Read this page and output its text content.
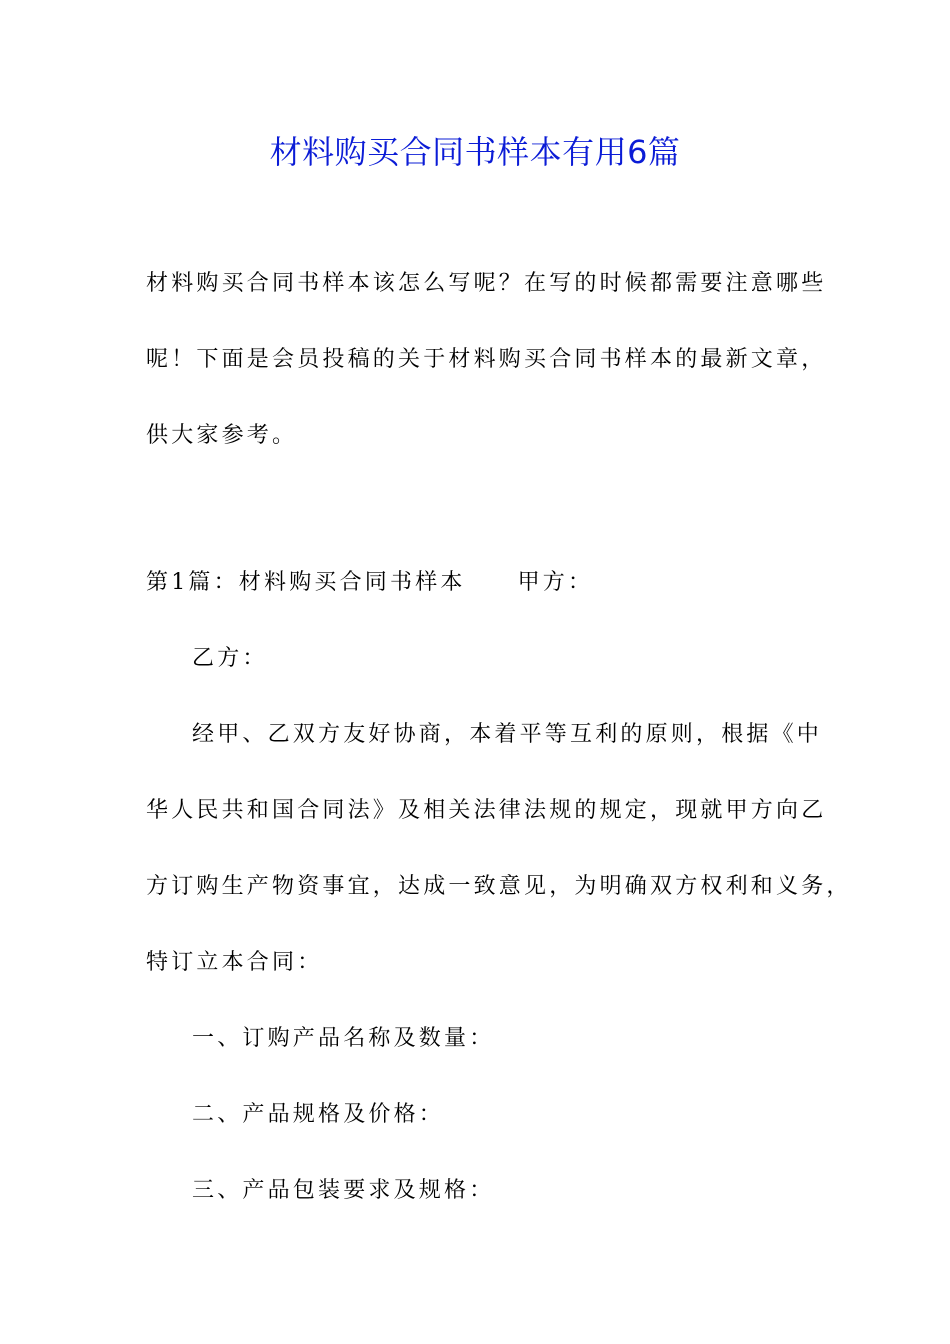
材料购买合同书样本有用6篇
材料购买合同书样本该怎么写呢？在写的时候都需要注意哪些
呢！下面是会员投稿的关于材料购买合同书样本的最新文章，
供大家参考。
第1篇：材料购买合同书样本 甲方：
乙方：
经甲、乙双方友好协商，本着平等互利的原则，根据《中
华人民共和国合同法》及相关法律法规的规定，现就甲方向乙
方订购生产物资事宜，达成一致意见，为明确双方权利和义务，
特订立本合同：
一、订购产品名称及数量：
二、产品规格及价格：
三、产品包装要求及规格：
